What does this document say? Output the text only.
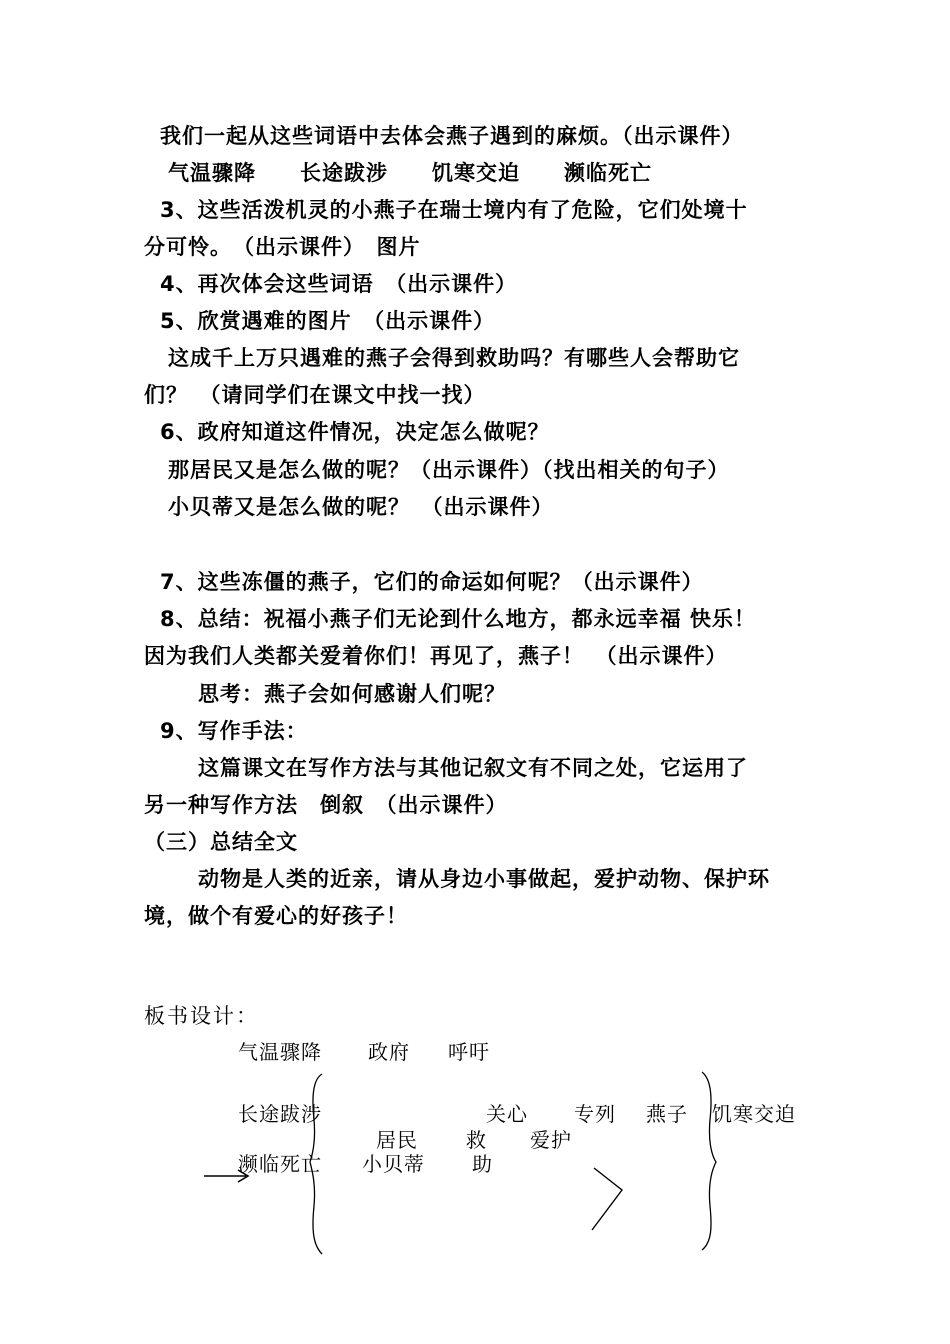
我们一起从这些词语中去体会燕子遇到的麻烦。（出示课件）
气温骤降　　长途跋涉　　饥寒交迫　　濒临死亡
3、这些活泼机灵的小燕子在瑞士境内有了危险，它们处境十
分可怜。　（出示课件）　图片
4、再次体会这些词语　（出示课件）
5、欣赏遇难的图片　（出示课件）
这成千上万只遇难的燕子会得到救助吗？有哪些人会帮助它
们？　（请同学们在课文中找一找）
6、政府知道这件情况，决定怎么做呢？
那居民又是怎么做的呢？（出示课件）（找出相关的句子）
小贝蒂又是怎么做的呢？　（出示课件）
7、这些冻僵的燕子，它们的命运如何呢？（出示课件）
8、总结：祝福小燕子们无论到什么地方，都永远幸福 快乐！
因为我们人类都关爱着你们！再见了，燕子！　（出示课件）
思考：燕子会如何感谢人们呢？
9、写作手法：
这篇课文在写作方法与其他记叙文有不同之处，它运用了
另一种写作方法　倒叙　（出示课件）
（三）总结全文
动物是人类的近亲，请从身边小事做起，爱护动物、保护环
境，做个有爱心的好孩子！
板书设计：
气温骤降 政府 呼吁
长途跋涉	关心 专列 燕子 饥寒交迫
居民 救 爱护
濒临死亡 小贝蒂 助
